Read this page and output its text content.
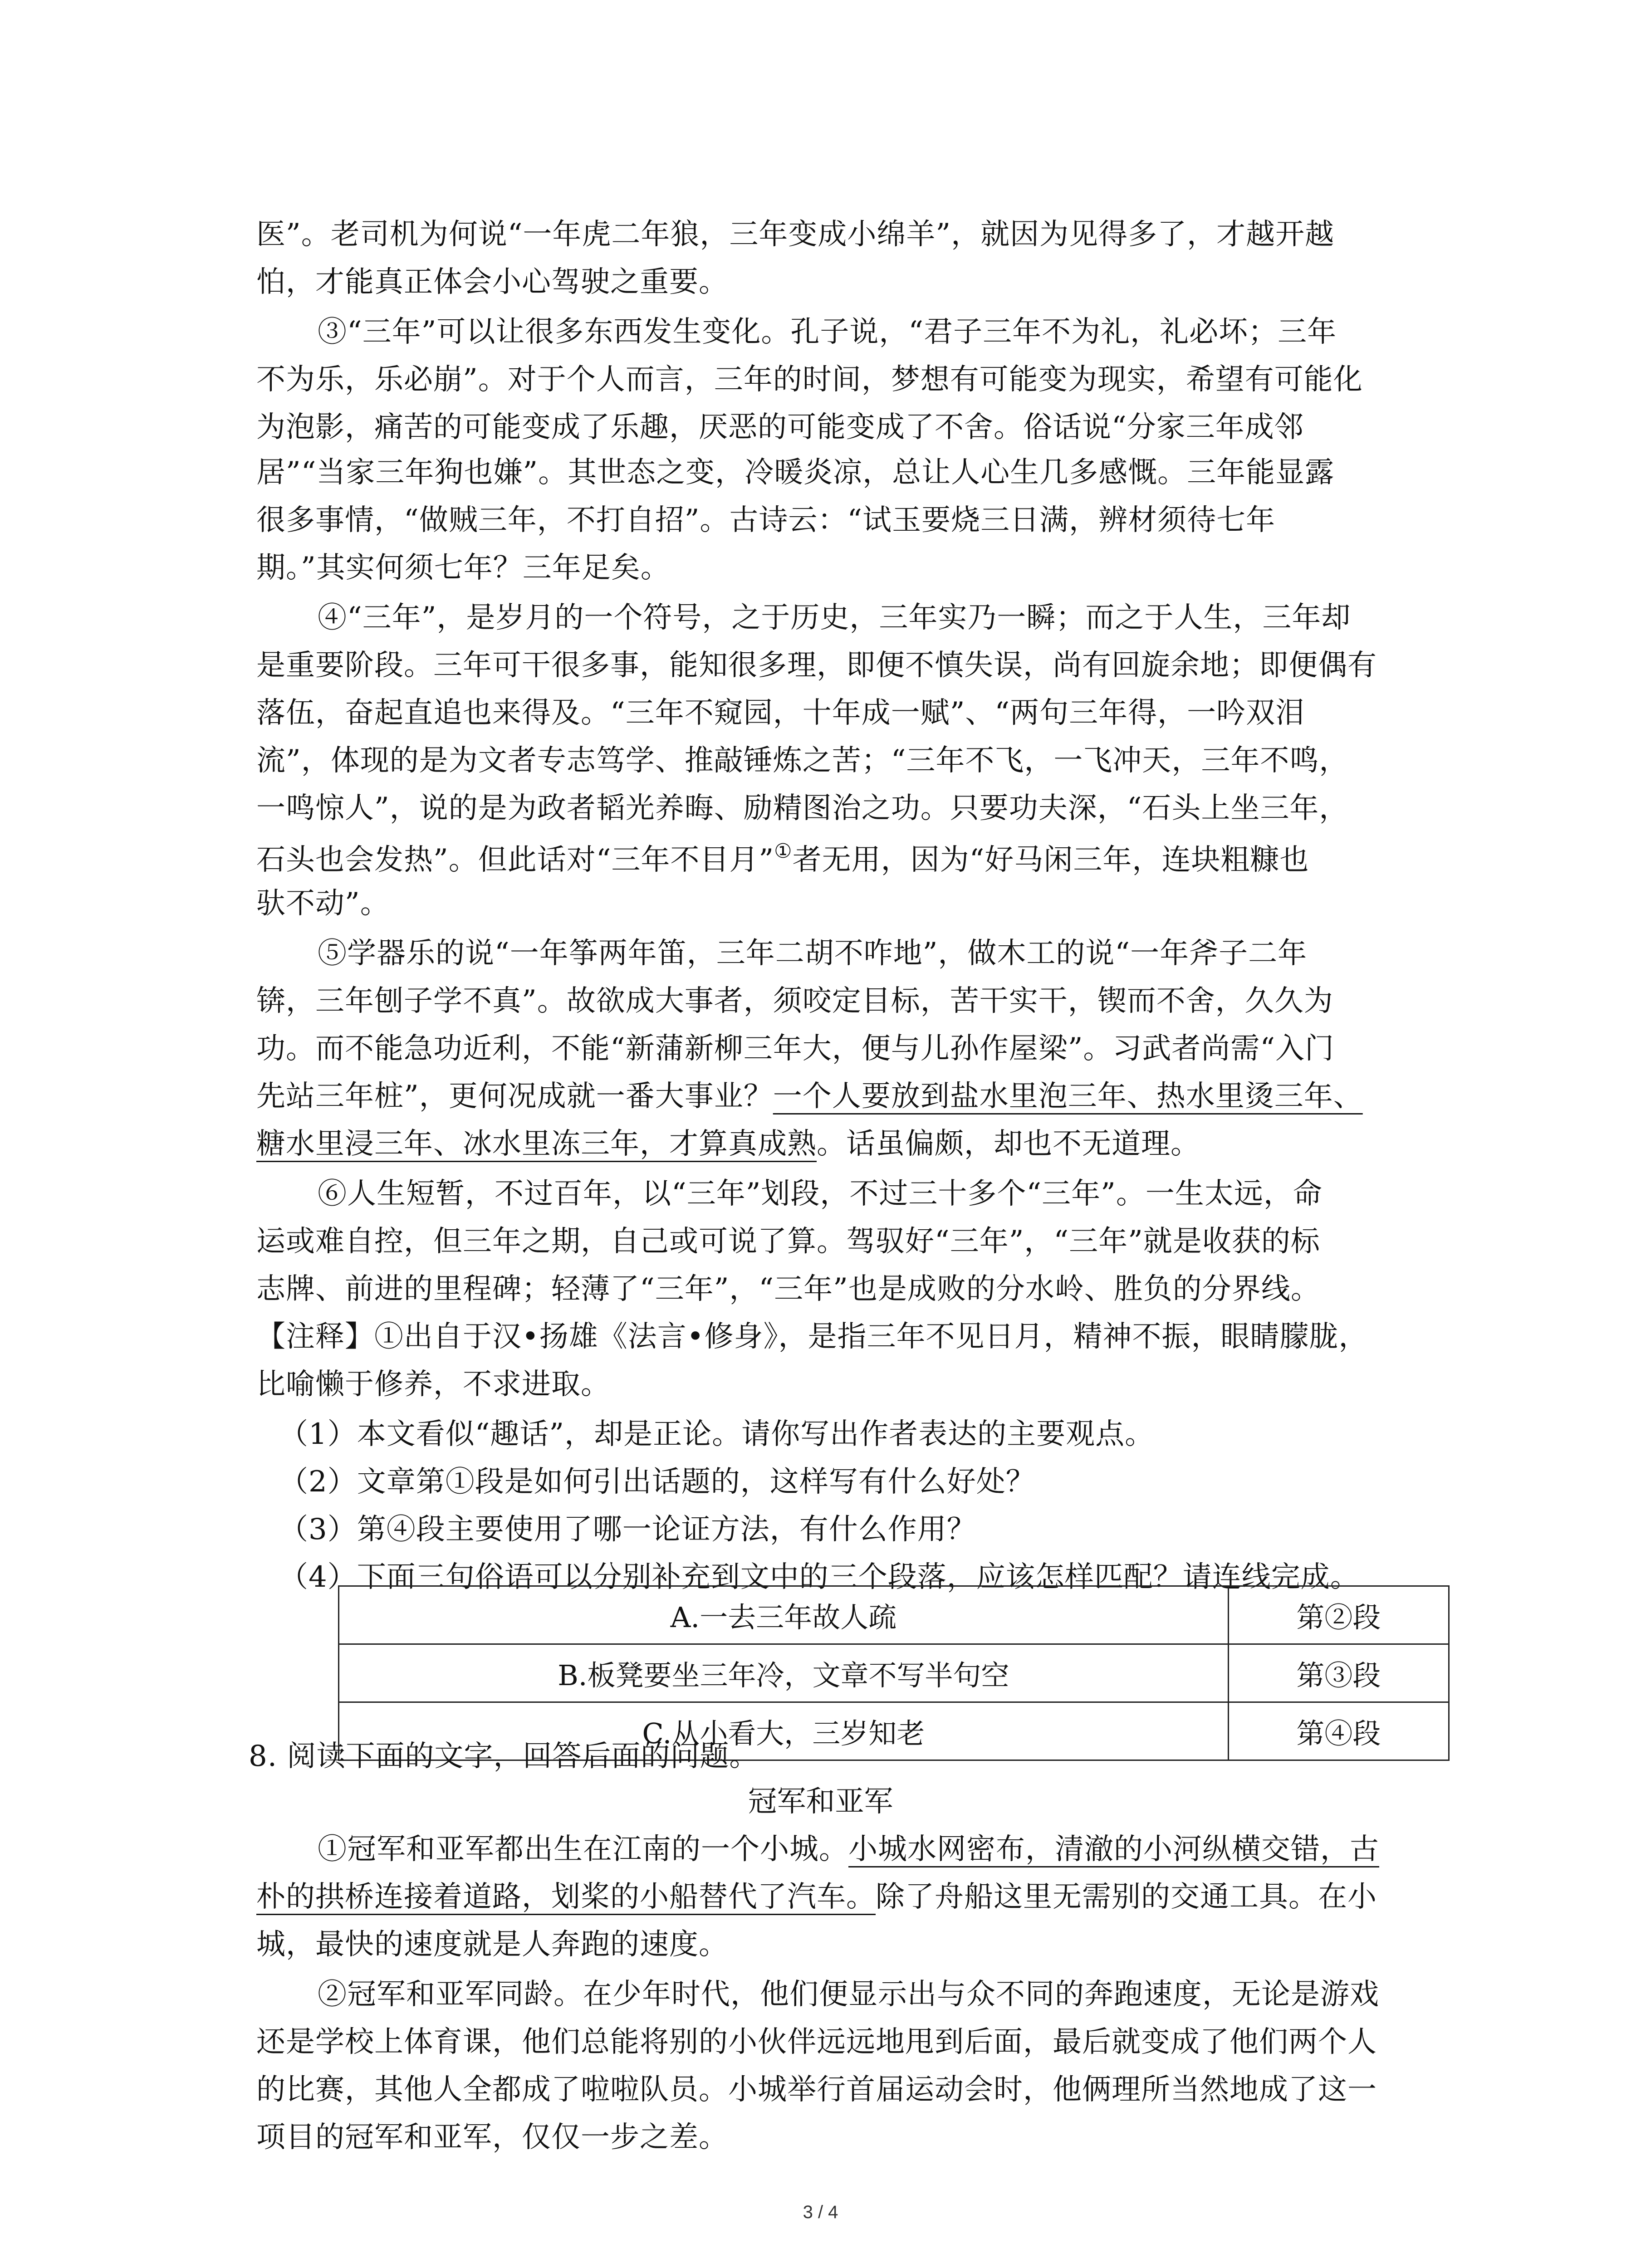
医”。老司机为何说“一年虎二年狼，三年变成小绵羊”，就因为见得多了，才越开越
怕，才能真正体会小心驾驶之重要。
③“三年”可以让很多东西发生变化。孔子说，“君子三年不为礼，礼必坏；三年
不为乐，乐必崩”。对于个人而言，三年的时间，梦想有可能变为现实，希望有可能化
为泡影，痛苦的可能变成了乐趣，厌恶的可能变成了不舍。俗话说“分家三年成邻
居”“当家三年狗也嫌”。其世态之变，冷暖炎凉，总让人心生几多感慨。三年能显露
很多事情，“做贼三年，不打自招”。古诗云：“试玉要烧三日满，辨材须待七年
期。”其实何须七年？三年足矣。
④“三年”，是岁月的一个符号，之于历史，三年实乃一瞬；而之于人生，三年却
是重要阶段。三年可干很多事，能知很多理，即便不慎失误，尚有回旋余地；即便偶有
落伍，奋起直追也来得及。“三年不窥园，十年成一赋”、“两句三年得，一吟双泪
流”，体现的是为文者专志笃学、推敲锤炼之苦；“三年不飞，一飞冲天，三年不鸣，
一鸣惊人”，说的是为政者韬光养晦、励精图治之功。只要功夫深，“石头上坐三年，
石头也会发热”。但此话对“三年不目月”①者无用，因为“好马闲三年，连块粗糠也
驮不动”。
⑤学器乐的说“一年筝两年笛，三年二胡不咋地”，做木工的说“一年斧子二年
锛，三年刨子学不真”。故欲成大事者，须咬定目标，苦干实干，锲而不舍，久久为
功。而不能急功近利，不能“新蒲新柳三年大，便与儿孙作屋梁”。习武者尚需“入门
先站三年桩”，更何况成就一番大事业？一个人要放到盐水里泡三年、热水里烫三年、
糖水里浸三年、冰水里冻三年，才算真成熟。话虽偏颇，却也不无道理。
⑥人生短暂，不过百年，以“三年”划段，不过三十多个“三年”。一生太远，命
运或难自控，但三年之期，自己或可说了算。驾驭好“三年”，“三年”就是收获的标
志牌、前进的里程碑；轻薄了“三年”，“三年”也是成败的分水岭、胜负的分界线。
【注释】①出自于汉•扬雄《法言•修身》，是指三年不见日月，精神不振，眼睛朦胧，
比喻懒于修养，不求进取。
（1）本文看似“趣话”，却是正论。请你写出作者表达的主要观点。
（2）文章第①段是如何引出话题的，这样写有什么好处？
（3）第④段主要使用了哪一论证方法，有什么作用？
（4）下面三句俗语可以分别补充到文中的三个段落，应该怎样匹配？请连线完成。
A.一去三年故人疏	第②段
B.板凳要坐三年冷，文章不写半句空	第③段
C.从小看大，三岁知老	第④段
8. 阅读下面的文字，回答后面的问题。
冠军和亚军
①冠军和亚军都出生在江南的一个小城。小城水网密布，清澈的小河纵横交错，古
朴的拱桥连接着道路，划桨的小船替代了汽车。除了舟船这里无需别的交通工具。在小
城，最快的速度就是人奔跑的速度。
②冠军和亚军同龄。在少年时代，他们便显示出与众不同的奔跑速度，无论是游戏
还是学校上体育课，他们总能将别的小伙伴远远地甩到后面，最后就变成了他们两个人
的比赛，其他人全都成了啦啦队员。小城举行首届运动会时，他俩理所当然地成了这一
项目的冠军和亚军，仅仅一步之差。
3 / 4
